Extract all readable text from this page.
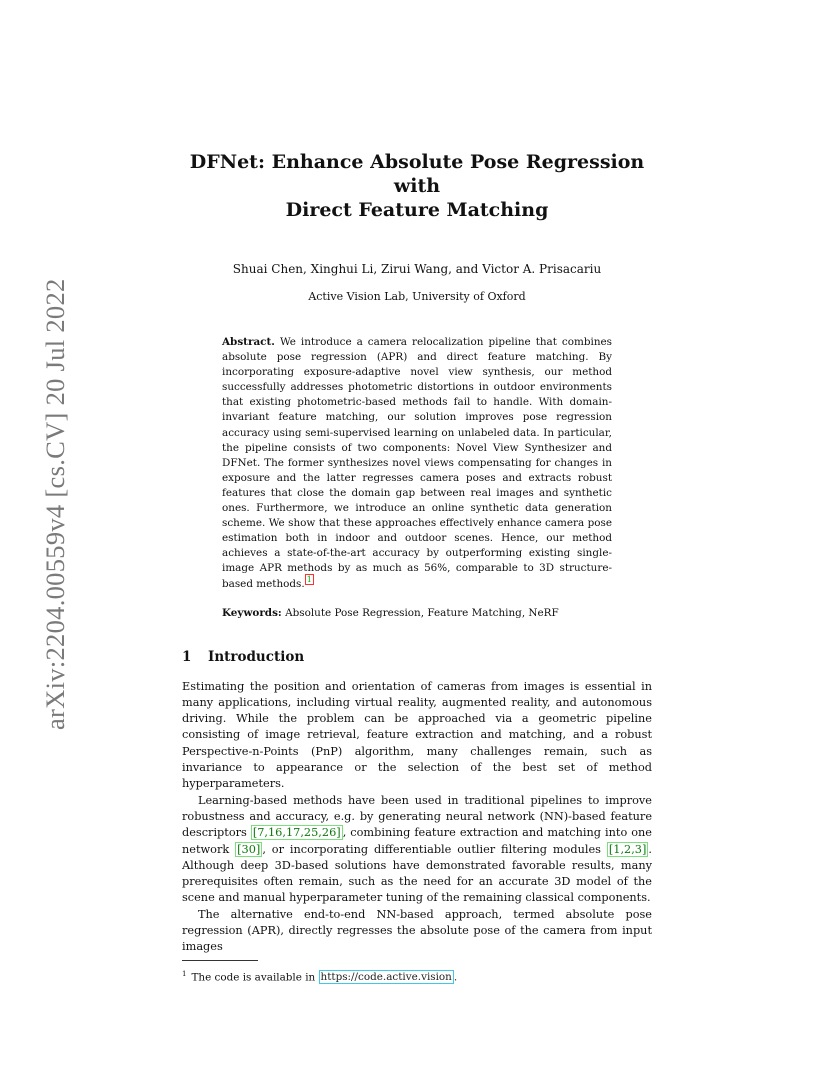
arXiv:2204.00559v4 [cs.CV] 20 Jul 2022
DFNet: Enhance Absolute Pose Regression with
Direct Feature Matching
Shuai Chen, Xinghui Li, Zirui Wang, and Victor A. Prisacariu
Active Vision Lab, University of Oxford
Abstract. We introduce a camera relocalization pipeline that combines absolute pose regression (APR) and direct feature matching. By incorporating exposure-adaptive novel view synthesis, our method successfully addresses photometric distortions in outdoor environments that existing photometric-based methods fail to handle. With domain-invariant feature matching, our solution improves pose regression accuracy using semi-supervised learning on unlabeled data. In particular, the pipeline consists of two components: Novel View Synthesizer and DFNet. The former synthesizes novel views compensating for changes in exposure and the latter regresses camera poses and extracts robust features that close the domain gap between real images and synthetic ones. Furthermore, we introduce an online synthetic data generation scheme. We show that these approaches effectively enhance camera pose estimation both in indoor and outdoor scenes. Hence, our method achieves a state-of-the-art accuracy by outperforming existing single-image APR methods by as much as 56%, comparable to 3D structure-based methods. $^1$
Keywords: Absolute Pose Regression, Feature Matching, NeRF
1 Introduction

Estimating the position and orientation of cameras from images is essential in many applications, including virtual reality, augmented reality, and autonomous driving. While the problem can be approached via a geometric pipeline consisting of image retrieval, feature extraction and matching, and a robust Perspective-n-Points (PnP) algorithm, many challenges remain, such as invariance to appearance or the selection of the best set of method hyperparameters.

Learning-based methods have been used in traditional pipelines to improve robustness and accuracy, e.g. by generating neural network (NN)-based feature descriptors [7,16,17,25,26] , combining feature extraction and matching into one network [30] , or incorporating differentiable outlier filtering modules [1,2,3] . Although deep 3D-based solutions have demonstrated favorable results, many prerequisites often remain, such as the need for an accurate 3D model of the scene and manual hyperparameter tuning of the remaining classical components.

The alternative end-to-end NN-based approach, termed absolute pose regression (APR), directly regresses the absolute pose of the camera from input images

$^1$ The code is available in https://code.active.vision .
